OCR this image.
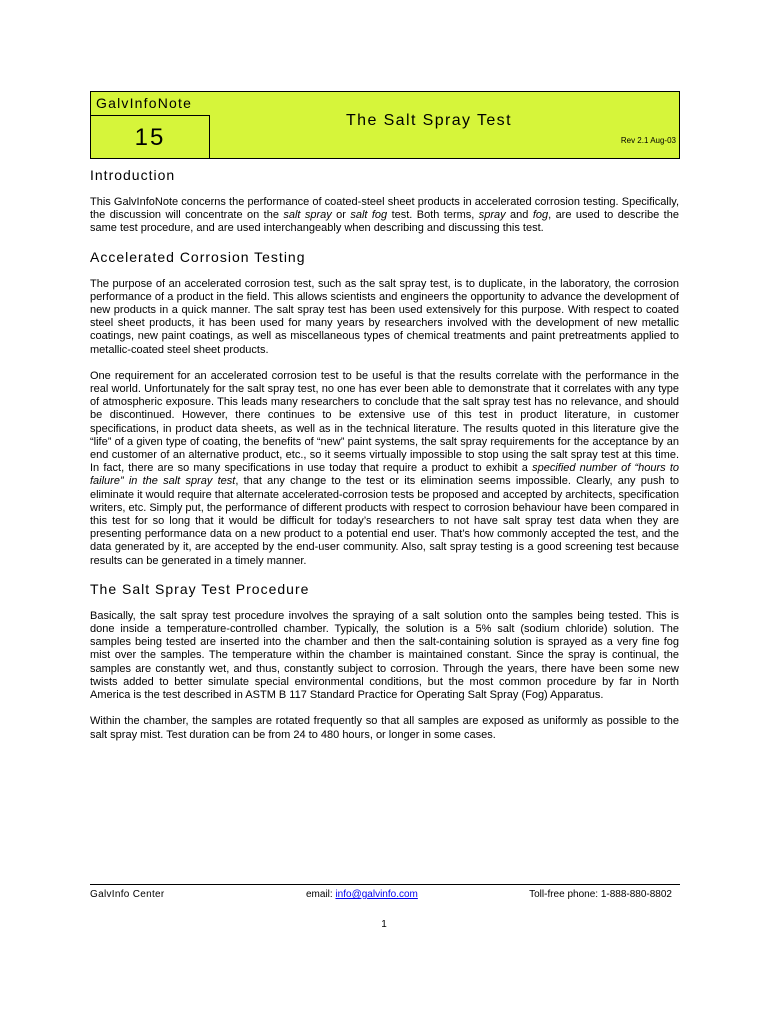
GalvInfoNote
15
The Salt Spray Test
Rev 2.1 Aug-03
Introduction

This GalvInfoNote concerns the performance of coated-steel sheet products in accelerated corrosion testing. Specifically, the discussion will concentrate on the salt spray or salt fog test. Both terms, spray and fog, are used to describe the same test procedure, and are used interchangeably when describing and discussing this test.

Accelerated Corrosion Testing

The purpose of an accelerated corrosion test, such as the salt spray test, is to duplicate, in the laboratory, the corrosion performance of a product in the field. This allows scientists and engineers the opportunity to advance the development of new products in a quick manner. The salt spray test has been used extensively for this purpose. With respect to coated steel sheet products, it has been used for many years by researchers involved with the development of new metallic coatings, new paint coatings, as well as miscellaneous types of chemical treatments and paint pretreatments applied to metallic-coated steel sheet products.

One requirement for an accelerated corrosion test to be useful is that the results correlate with the performance in the real world. Unfortunately for the salt spray test, no one has ever been able to demonstrate that it correlates with any type of atmospheric exposure. This leads many researchers to conclude that the salt spray test has no relevance, and should be discontinued. However, there continues to be extensive use of this test in product literature, in customer specifications, in product data sheets, as well as in the technical literature. The results quoted in this literature give the “life” of a given type of coating, the benefits of “new” paint systems, the salt spray requirements for the acceptance by an end customer of an alternative product, etc., so it seems virtually impossible to stop using the salt spray test at this time. In fact, there are so many specifications in use today that require a product to exhibit a specified number of “hours to failure” in the salt spray test, that any change to the test or its elimination seems impossible. Clearly, any push to eliminate it would require that alternate accelerated-corrosion tests be proposed and accepted by architects, specification writers, etc. Simply put, the performance of different products with respect to corrosion behaviour have been compared in this test for so long that it would be difficult for today’s researchers to not have salt spray test data when they are presenting performance data on a new product to a potential end user. That’s how commonly accepted the test, and the data generated by it, are accepted by the end-user community. Also, salt spray testing is a good screening test because results can be generated in a timely manner.

The Salt Spray Test Procedure

Basically, the salt spray test procedure involves the spraying of a salt solution onto the samples being tested. This is done inside a temperature-controlled chamber. Typically, the solution is a 5% salt (sodium chloride) solution. The samples being tested are inserted into the chamber and then the salt-containing solution is sprayed as a very fine fog mist over the samples. The temperature within the chamber is maintained constant. Since the spray is continual, the samples are constantly wet, and thus, constantly subject to corrosion. Through the years, there have been some new twists added to better simulate special environmental conditions, but the most common procedure by far in North America is the test described in ASTM B 117 Standard Practice for Operating Salt Spray (Fog) Apparatus.

Within the chamber, the samples are rotated frequently so that all samples are exposed as uniformly as possible to the salt spray mist. Test duration can be from 24 to 480 hours, or longer in some cases.

GalvInfo Center	email: info@galvinfo.com	Toll-free phone: 1-888-880-8802
1
